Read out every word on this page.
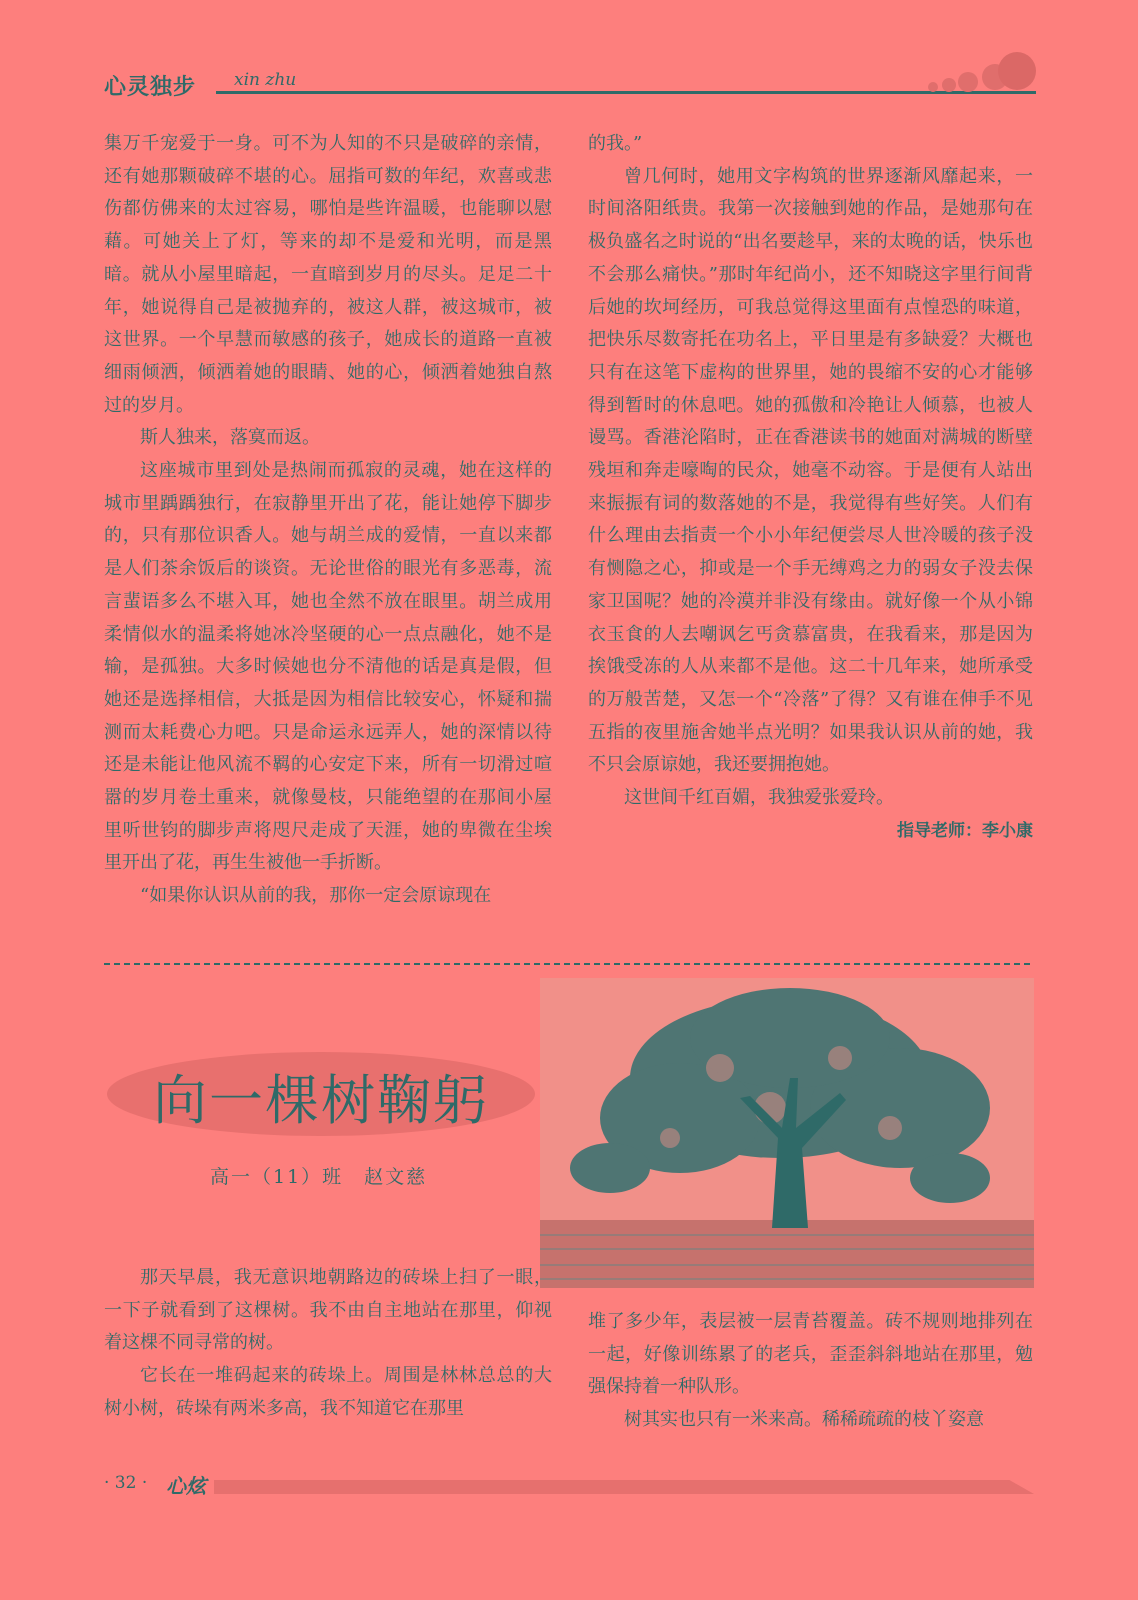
心灵独步 xin zhu

集万千宠爱于一身。可不为人知的不只是破碎的亲情，还有她那颗破碎不堪的心。屈指可数的年纪，欢喜或悲伤都仿佛来的太过容易，哪怕是些许温暖，也能聊以慰藉。可她关上了灯，等来的却不是爱和光明，而是黑暗。就从小屋里暗起，一直暗到岁月的尽头。足足二十年，她说得自己是被抛弃的，被这人群，被这城市，被这世界。一个早慧而敏感的孩子，她成长的道路一直被细雨倾洒，倾洒着她的眼睛、她的心，倾洒着她独自熬过的岁月。

斯人独来，落寞而返。

这座城市里到处是热闹而孤寂的灵魂，她在这样的城市里踽踽独行，在寂静里开出了花，能让她停下脚步的，只有那位识香人。她与胡兰成的爱情，一直以来都是人们茶余饭后的谈资。无论世俗的眼光有多恶毒，流言蜚语多么不堪入耳，她也全然不放在眼里。胡兰成用柔情似水的温柔将她冰冷坚硬的心一点点融化，她不是输，是孤独。大多时候她也分不清他的话是真是假，但她还是选择相信，大抵是因为相信比较安心，怀疑和揣测而太耗费心力吧。只是命运永远弄人，她的深情以待还是未能让他风流不羁的心安定下来，所有一切滑过喧嚣的岁月卷土重来，就像曼枝，只能绝望的在那间小屋里听世钧的脚步声将咫尺走成了天涯，她的卑微在尘埃里开出了花，再生生被他一手折断。

“如果你认识从前的我，那你一定会原谅现在

的我。”

曾几何时，她用文字构筑的世界逐渐风靡起来，一时间洛阳纸贵。我第一次接触到她的作品，是她那句在极负盛名之时说的“出名要趁早，来的太晚的话，快乐也不会那么痛快。”那时年纪尚小，还不知晓这字里行间背后她的坎坷经历，可我总觉得这里面有点惶恐的味道，把快乐尽数寄托在功名上，平日里是有多缺爱？大概也只有在这笔下虚构的世界里，她的畏缩不安的心才能够得到暂时的休息吧。她的孤傲和冷艳让人倾慕，也被人谩骂。香港沦陷时，正在香港读书的她面对满城的断壁残垣和奔走嚎啕的民众，她毫不动容。于是便有人站出来振振有词的数落她的不是，我觉得有些好笑。人们有什么理由去指责一个小小年纪便尝尽人世冷暖的孩子没有恻隐之心，抑或是一个手无缚鸡之力的弱女子没去保家卫国呢？她的冷漠并非没有缘由。就好像一个从小锦衣玉食的人去嘲讽乞丐贪慕富贵，在我看来，那是因为挨饿受冻的人从来都不是他。这二十几年来，她所承受的万般苦楚，又怎一个“冷落”了得？又有谁在伸手不见五指的夜里施舍她半点光明？如果我认识从前的她，我不只会原谅她，我还要拥抱她。

这世间千红百媚，我独爱张爱玲。

指导老师：李小康

向一棵树鞠躬
高一（11）班　赵文慈

那天早晨，我无意识地朝路边的砖垛上扫了一眼，一下子就看到了这棵树。我不由自主地站在那里，仰视着这棵不同寻常的树。

它长在一堆码起来的砖垛上。周围是林林总总的大树小树，砖垛有两米多高，我不知道它在那里

堆了多少年，表层被一层青苔覆盖。砖不规则地排列在一起，好像训练累了的老兵，歪歪斜斜地站在那里，勉强保持着一种队形。

树其实也只有一米来高。稀稀疏疏的枝丫姿意

· 32 · 心炫
